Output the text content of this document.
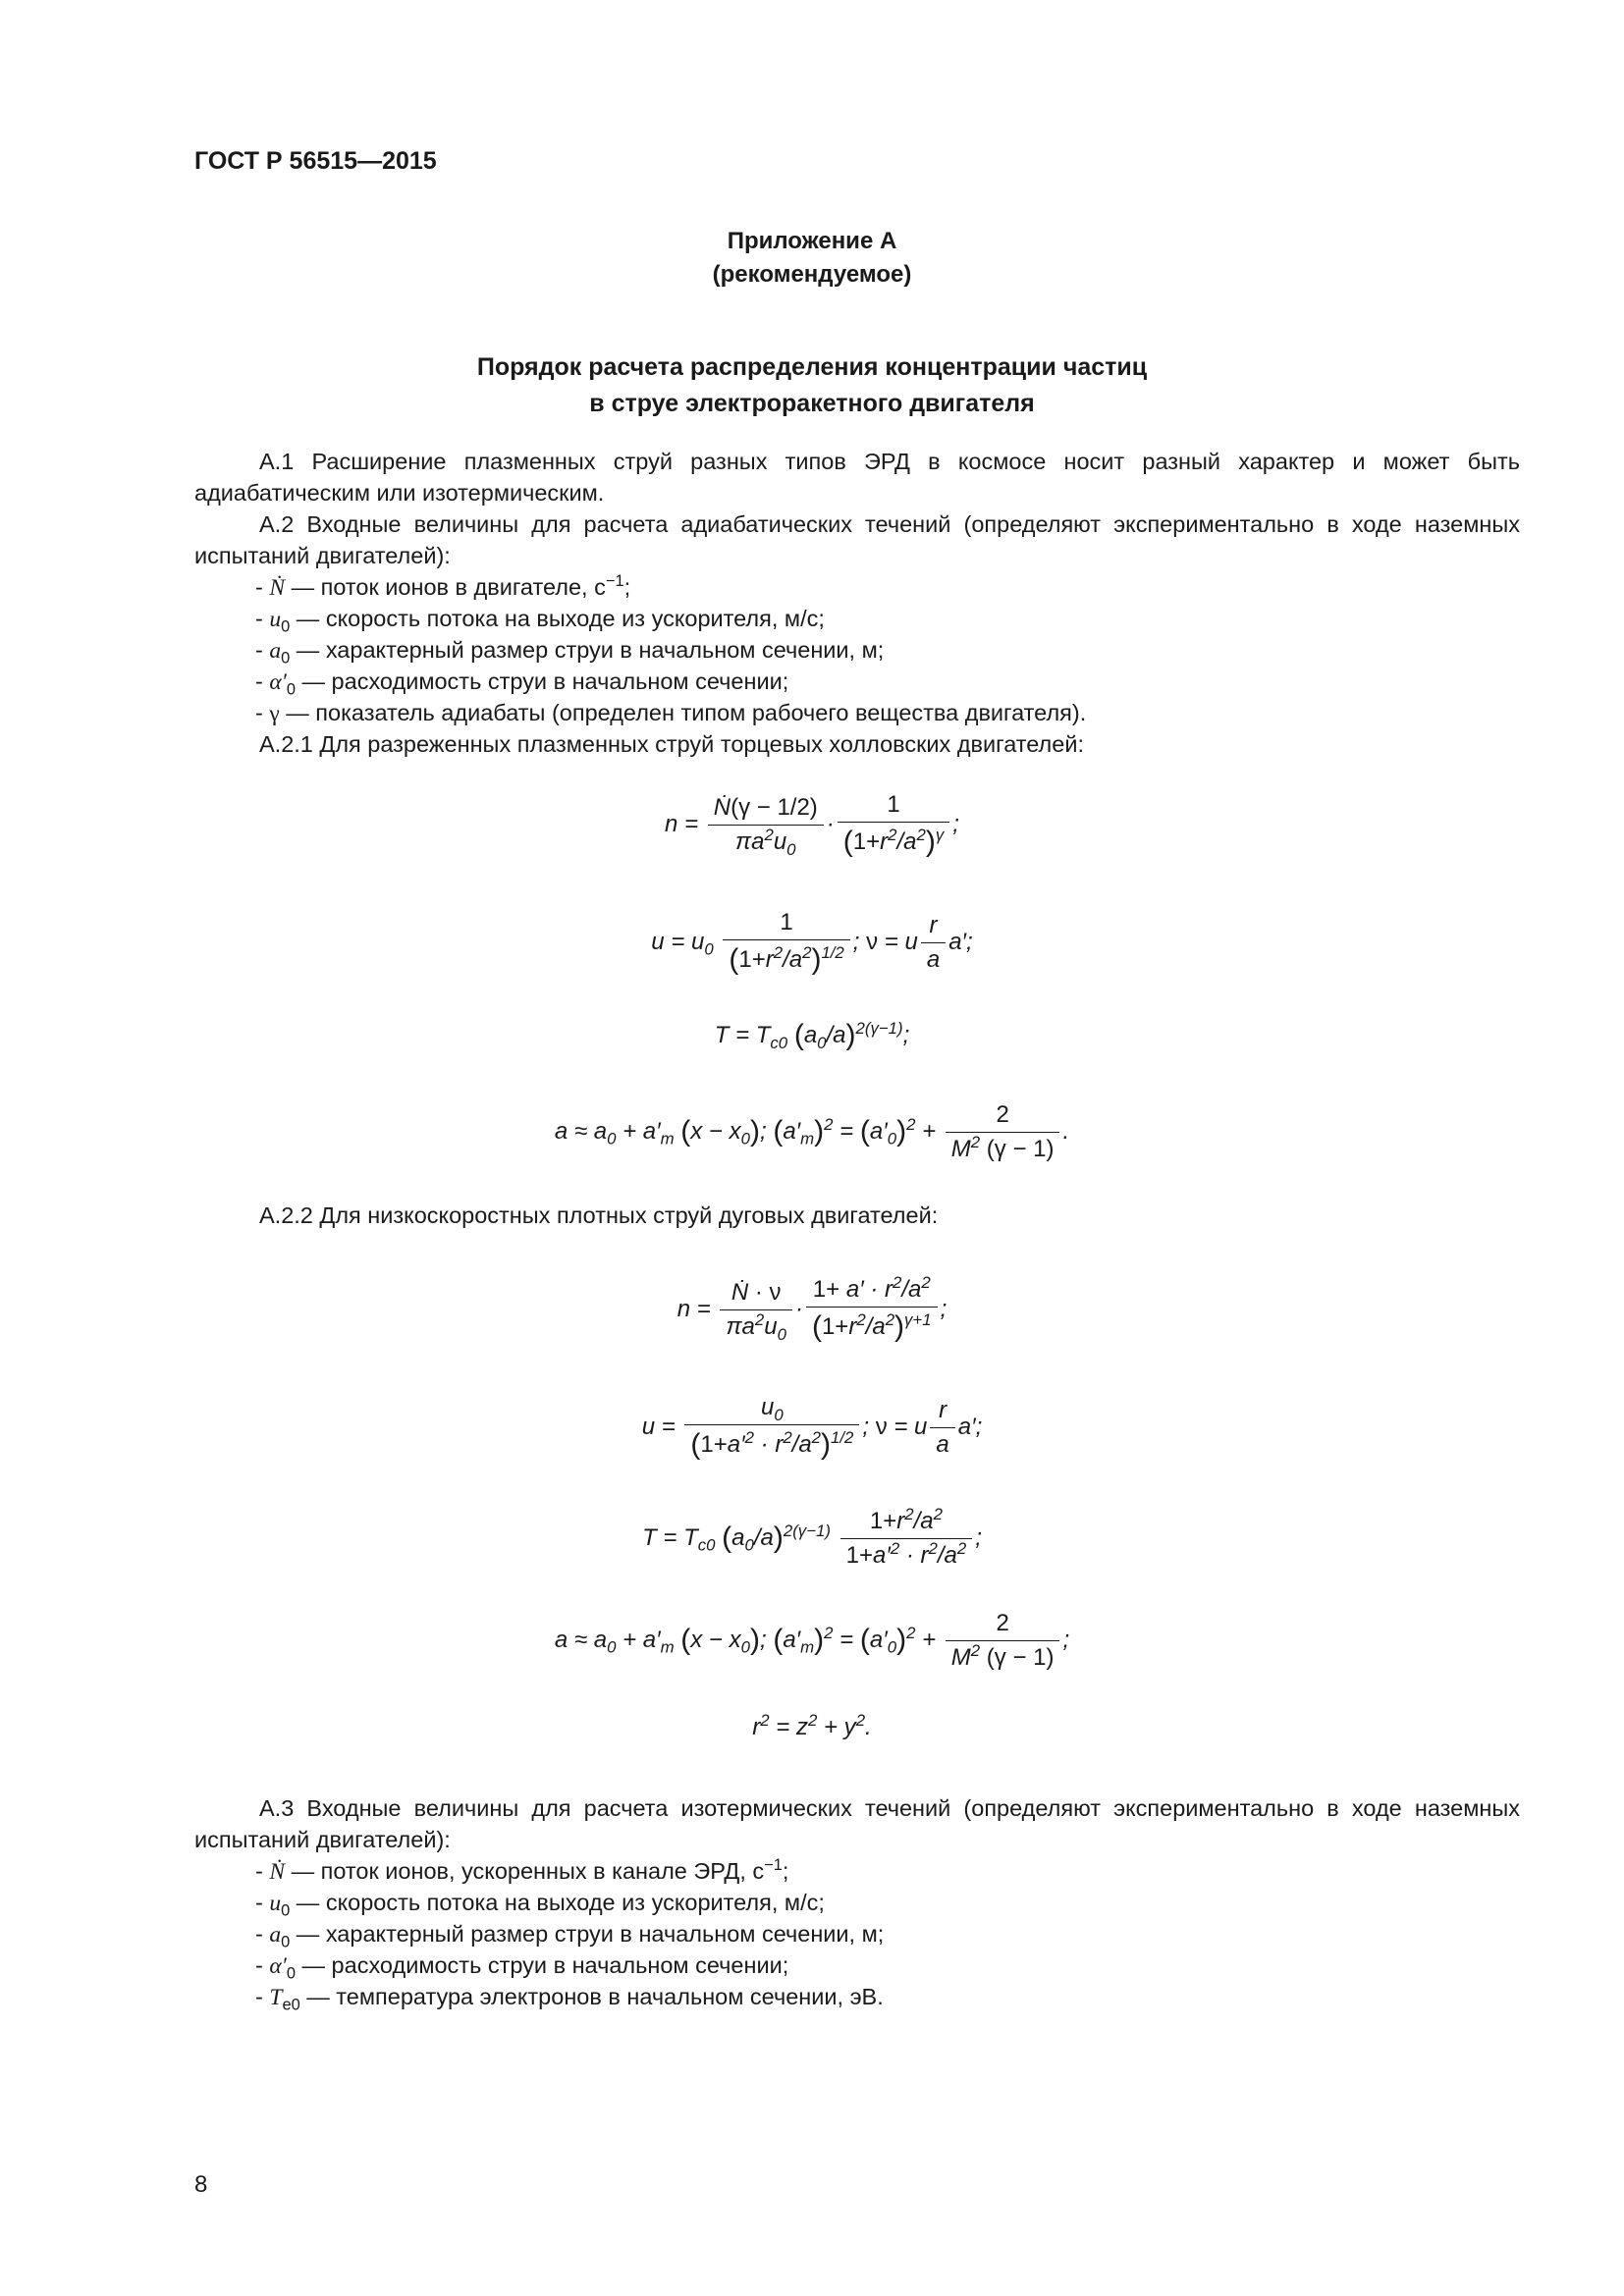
ГОСТ Р 56515—2015
Приложение А
(рекомендуемое)
Порядок расчета распределения концентрации частиц
в струе электроракетного двигателя
А.1 Расширение плазменных струй разных типов ЭРД в космосе носит разный характер и может быть адиабатическим или изотермическим.
А.2 Входные величины для расчета адиабатических течений (определяют экспериментально в ходе наземных испытаний двигателей):
- Ṅ — поток ионов в двигателе, $с^{-1}$;
- $u_0$ — скорость потока на выходе из ускорителя, м/с;
- $a_0$ — характерный размер струи в начальном сечении, м;
- $\alpha'_0$ — расходимость струи в начальном сечении;
- γ — показатель адиабаты (определен типом рабочего вещества двигателя).
А.2.1 Для разреженных плазменных струй торцевых холловских двигателей:
$n = \frac{\text{Ṅ(γ − 1/2)}}{\pi a^2u_0} \cdot \frac{1}{(1+r^2/a^2)^\gamma}$ ;
$u = u_0 \frac{1}{(1+r^2/a^2)^{1/2}}$ ; ν = u $\frac{r}{a} a'$;
$T = T_{c0}$ $(a_0/a)^{2(\gamma-1)}$;
$a \approx a_0 + a'_m$ $(x - x_0)$; $(a'_m)^2 = (a'_0)^2 + \frac{2}{M^2 (\gamma - 1)}$ .
А.2.2 Для низкоскоростных плотных струй дуговых двигателей:
$n = \frac{\text{Ṅ · ν}}{\pi a^2u_0} \cdot \frac{1+ a' \cdot r^2/a^2}{(1+r^2/a^2)^{\gamma+1}}$ ;
$u = \frac{u_0}{(1+a'^2 \cdot r^2/a^2)^{1/2}}$ ; ν = u $\frac{r}{a} a'$;
$T = T_{c0}$ $(a_0/a)^{2(\gamma-1)} \frac{1+r^2/a^2}{1+a'^2 \cdot r^2/a^2}$ ;
$a \approx a_0 + a'_m$ $(x - x_0)$; $(a'_m)^2 = (a'_0)^2 + \frac{2}{M^2 (\gamma - 1)}$ ;
$r^2 = z^2 + y^2$.
А.3 Входные величины для расчета изотермических течений (определяют экспериментально в ходе наземных испытаний двигателей):
- Ṅ — поток ионов, ускоренных в канале ЭРД, $с^{-1}$;
- $u_0$ — скорость потока на выходе из ускорителя, м/с;
- $a_0$ — характерный размер струи в начальном сечении, м;
- $\alpha'_0$ — расходимость струи в начальном сечении;
- $T_{e0}$ — температура электронов в начальном сечении, эВ.
8
